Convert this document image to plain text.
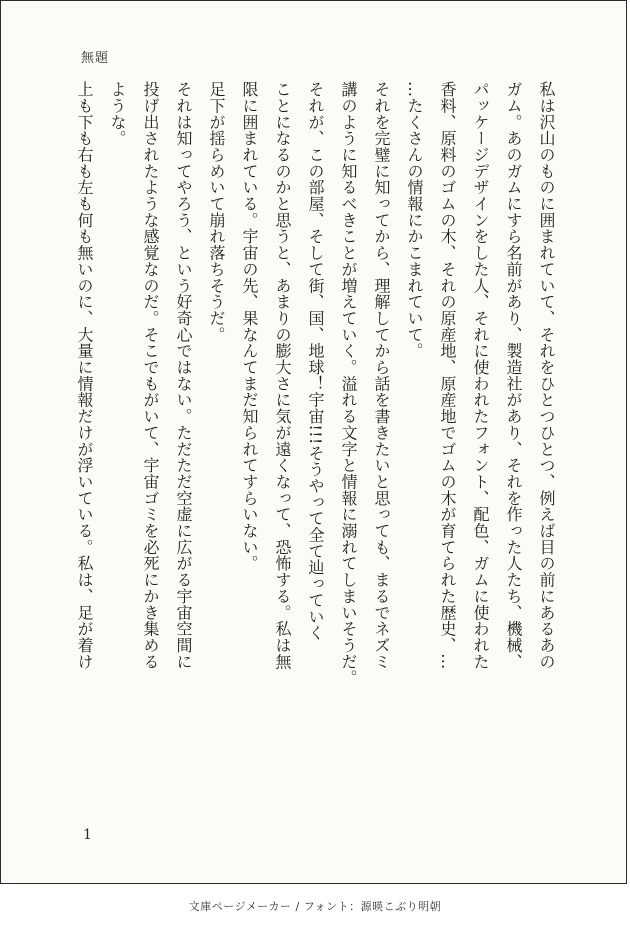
無題

私は沢山のものに囲まれていて、それをひとつひとつ、例えば目の前にあるあの

ガム。あのガムにすら名前があり、製造社があり、それを作った人たち、機械、

パッケージデザインをした人、それに使われたフォント、配色、ガムに使われた

香料、原料のゴムの木、それの原産地、原産地でゴムの木が育てられた歴史、…

…たくさんの情報にかこまれていて。

それを完璧に知ってから、理解してから話を書きたいと思っても、まるでネズミ

講のように知るべきことが増えていく。溢れる文字と情報に溺れてしまいそうだ。

それが、この部屋、そして街、国、地球！宇宙!!!そうやって全て辿っていく

ことになるのかと思うと、あまりの膨大さに気が遠くなって、恐怖する。私は無

限に囲まれている。宇宙の先、果なんてまだ知られてすらいない。

足下が揺らめいて崩れ落ちそうだ。

それは知ってやろう、という好奇心ではない。ただただ空虚に広がる宇宙空間に

投げ出されたような感覚なのだ。そこでもがいて、宇宙ゴミを必死にかき集める

ような。

上も下も右も左も何も無いのに、大量に情報だけが浮いている。私は、足が着け

1
文庫ページメーカー / フォント：源暎こぶり明朝
